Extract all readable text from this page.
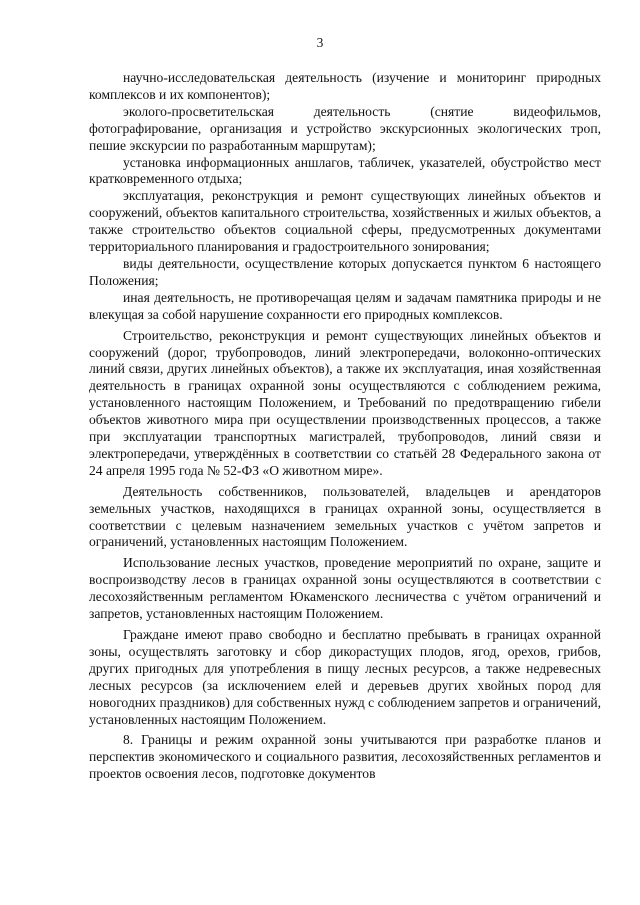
3

научно-исследовательская деятельность (изучение и мониторинг природных комплексов и их компонентов);

эколого-просветительская деятельность (снятие видеофильмов, фотографирование, организация и устройство экскурсионных экологических троп, пешие экскурсии по разработанным маршрутам);

установка информационных аншлагов, табличек, указателей, обустройство мест кратковременного отдыха;

эксплуатация, реконструкция и ремонт существующих линейных объектов и сооружений, объектов капитального строительства, хозяйственных и жилых объектов, а также строительство объектов социальной сферы, предусмотренных документами территориального планирования и градостроительного зонирования;

виды деятельности, осуществление которых допускается пунктом 6 настоящего Положения;

иная деятельность, не противоречащая целям и задачам памятника природы и не влекущая за собой нарушение сохранности его природных комплексов.

Строительство, реконструкция и ремонт существующих линейных объектов и сооружений (дорог, трубопроводов, линий электропередачи, волоконно-оптических линий связи, других линейных объектов), а также их эксплуатация, иная хозяйственная деятельность в границах охранной зоны осуществляются с соблюдением режима, установленного настоящим Положением, и Требований по предотвращению гибели объектов животного мира при осуществлении производственных процессов, а также при эксплуатации транспортных магистралей, трубопроводов, линий связи и электропередачи, утверждённых в соответствии со статьёй 28 Федерального закона от 24 апреля 1995 года № 52-ФЗ «О животном мире».

Деятельность собственников, пользователей, владельцев и арендаторов земельных участков, находящихся в границах охранной зоны, осуществляется в соответствии с целевым назначением земельных участков с учётом запретов и ограничений, установленных настоящим Положением.

Использование лесных участков, проведение мероприятий по охране, защите и воспроизводству лесов в границах охранной зоны осуществляются в соответствии с лесохозяйственным регламентом Юкаменского лесничества с учётом ограничений и запретов, установленных настоящим Положением.

Граждане имеют право свободно и бесплатно пребывать в границах охранной зоны, осуществлять заготовку и сбор дикорастущих плодов, ягод, орехов, грибов, других пригодных для употребления в пищу лесных ресурсов, а также недревесных лесных ресурсов (за исключением елей и деревьев других хвойных пород для новогодних праздников) для собственных нужд с соблюдением запретов и ограничений, установленных настоящим Положением.

8. Границы и режим охранной зоны учитываются при разработке планов и перспектив экономического и социального развития, лесохозяйственных регламентов и проектов освоения лесов, подготовке документов
